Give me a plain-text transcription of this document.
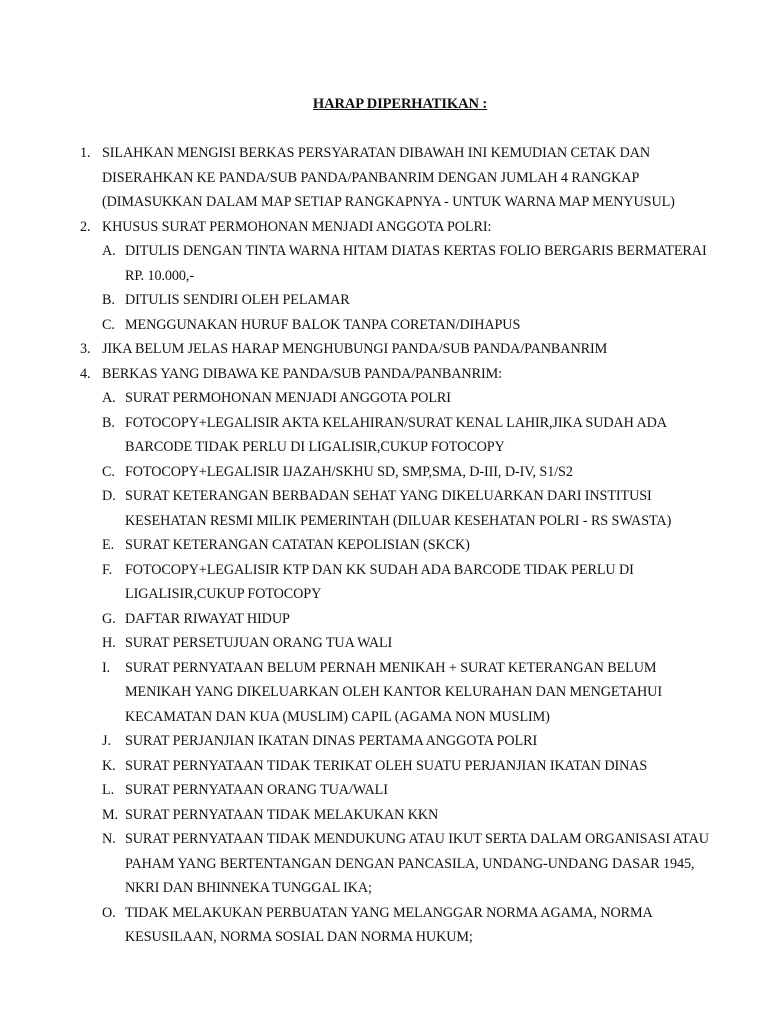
HARAP DIPERHATIKAN :
1. SILAHKAN MENGISI BERKAS PERSYARATAN DIBAWAH INI KEMUDIAN CETAK DAN
DISERAHKAN KE PANDA/SUB PANDA/PANBANRIM DENGAN JUMLAH 4 RANGKAP
(DIMASUKKAN DALAM MAP SETIAP RANGKAPNYA - UNTUK WARNA MAP MENYUSUL)
2. KHUSUS SURAT PERMOHONAN MENJADI ANGGOTA POLRI:
A. DITULIS DENGAN TINTA WARNA HITAM DIATAS KERTAS FOLIO BERGARIS BERMATERAI
RP. 10.000,-
B. DITULIS SENDIRI OLEH PELAMAR
C. MENGGUNAKAN HURUF BALOK TANPA CORETAN/DIHAPUS
3. JIKA BELUM JELAS HARAP MENGHUBUNGI PANDA/SUB PANDA/PANBANRIM
4. BERKAS YANG DIBAWA KE PANDA/SUB PANDA/PANBANRIM:
A. SURAT PERMOHONAN MENJADI ANGGOTA POLRI
B. FOTOCOPY+LEGALISIR AKTA KELAHIRAN/SURAT KENAL LAHIR,JIKA SUDAH ADA
BARCODE TIDAK PERLU DI LIGALISIR,CUKUP FOTOCOPY
C. FOTOCOPY+LEGALISIR IJAZAH/SKHU SD, SMP,SMA, D-III, D-IV, S1/S2
D. SURAT KETERANGAN BERBADAN SEHAT YANG DIKELUARKAN DARI INSTITUSI
KESEHATAN RESMI MILIK PEMERINTAH (DILUAR KESEHATAN POLRI - RS SWASTA)
E. SURAT KETERANGAN CATATAN KEPOLISIAN (SKCK)
F. FOTOCOPY+LEGALISIR KTP DAN KK SUDAH ADA BARCODE TIDAK PERLU DI
LIGALISIR,CUKUP FOTOCOPY
G. DAFTAR RIWAYAT HIDUP
H. SURAT PERSETUJUAN ORANG TUA WALI
I. SURAT PERNYATAAN BELUM PERNAH MENIKAH + SURAT KETERANGAN BELUM
MENIKAH YANG DIKELUARKAN OLEH KANTOR KELURAHAN DAN MENGETAHUI
KECAMATAN DAN KUA (MUSLIM) CAPIL (AGAMA NON MUSLIM)
J. SURAT PERJANJIAN IKATAN DINAS PERTAMA ANGGOTA POLRI
K. SURAT PERNYATAAN TIDAK TERIKAT OLEH SUATU PERJANJIAN IKATAN DINAS
L. SURAT PERNYATAAN ORANG TUA/WALI
M. SURAT PERNYATAAN TIDAK MELAKUKAN KKN
N. SURAT PERNYATAAN TIDAK MENDUKUNG ATAU IKUT SERTA DALAM ORGANISASI ATAU
PAHAM YANG BERTENTANGAN DENGAN PANCASILA, UNDANG-UNDANG DASAR 1945,
NKRI DAN BHINNEKA TUNGGAL IKA;
O. TIDAK MELAKUKAN PERBUATAN YANG MELANGGAR NORMA AGAMA, NORMA
KESUSILAAN, NORMA SOSIAL DAN NORMA HUKUM;
